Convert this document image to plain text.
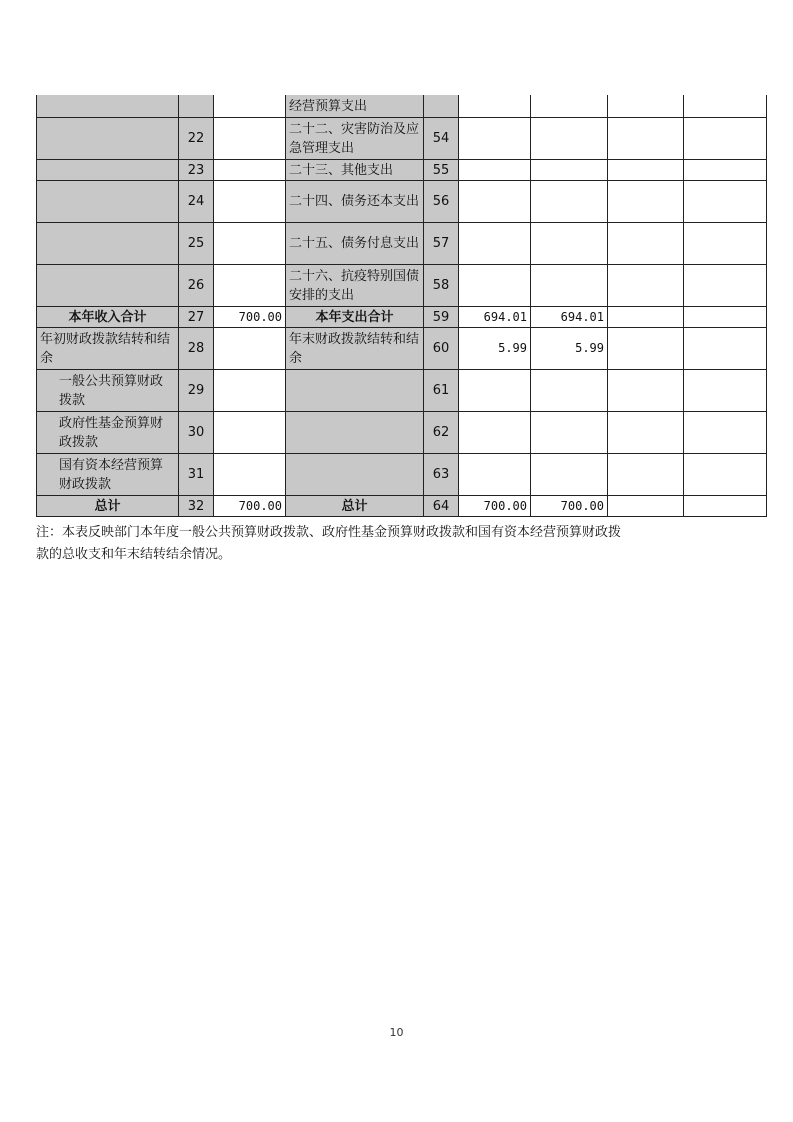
			经营预算支出					
	22		二十二、灾害防治及应急管理支出	54				
	23		二十三、其他支出	55				
	24		二十四、债务还本支出	56				
	25		二十五、债务付息支出	57				
	26		二十六、抗疫特别国债安排的支出	58				
本年收入合计	27	700.00	本年支出合计	59	694.01	694.01		
年初财政拨款结转和结余	28		年末财政拨款结转和结余	60	5.99	5.99		
一般公共预算财政拨款	29			61				
政府性基金预算财政拨款	30			62				
国有资本经营预算财政拨款	31			63				
总计	32	700.00	总计	64	700.00	700.00		
注：本表反映部门本年度一般公共预算财政拨款、政府性基金预算财政拨款和国有资本经营预算财政拨
款的总收支和年末结转结余情况。
10
